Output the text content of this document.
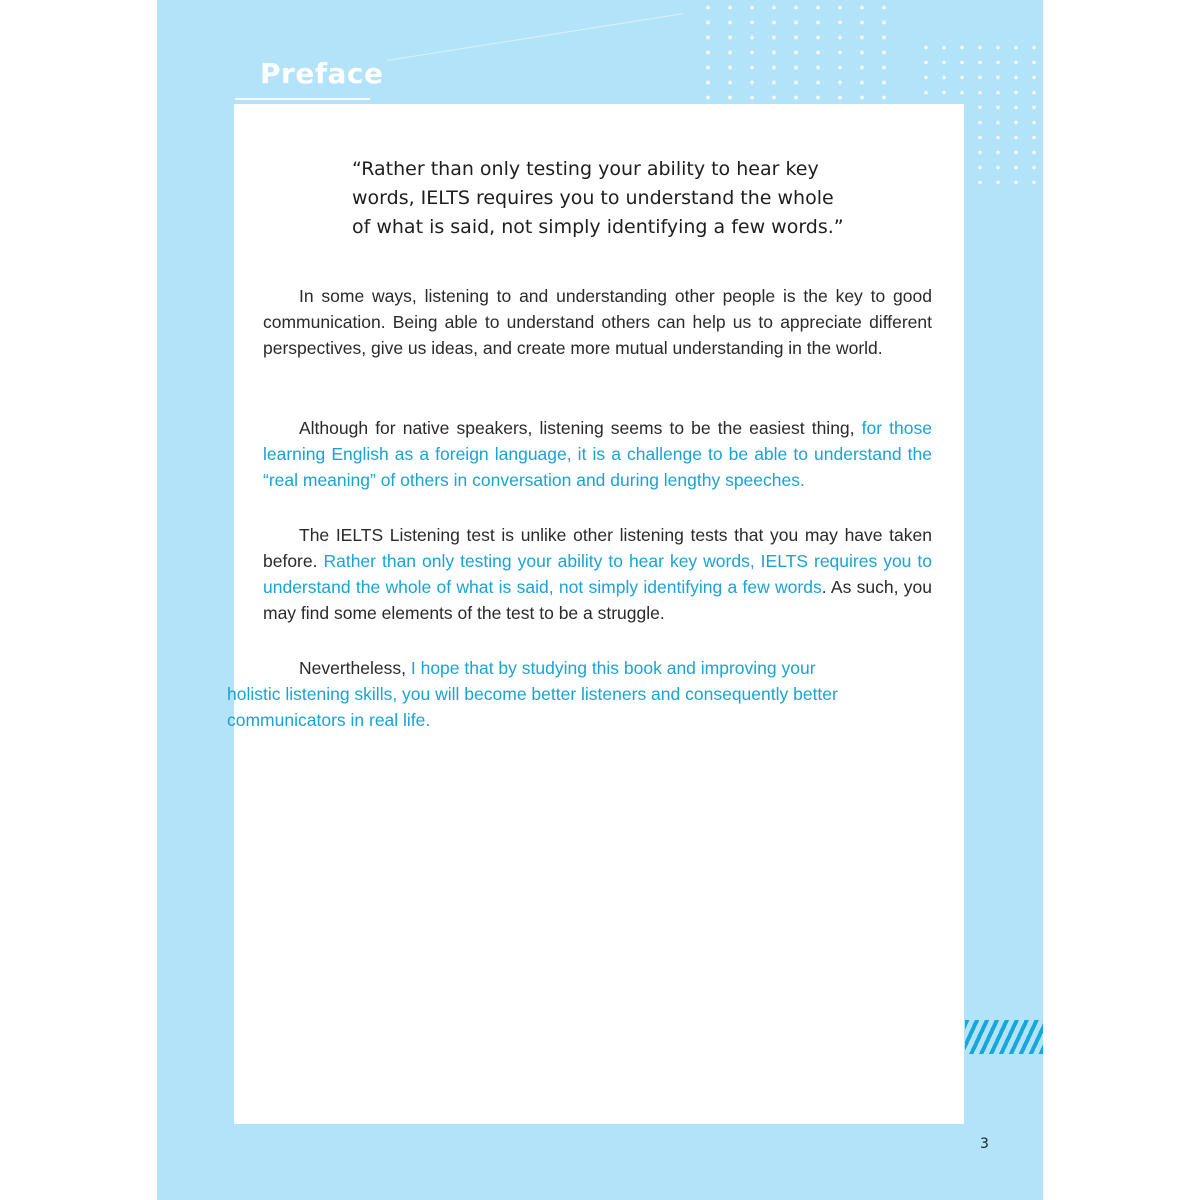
Preface

“Rather than only testing your ability to hear key
words, IELTS requires you to understand the whole
of what is said, not simply identifying a few words.”

In some ways, listening to and understanding other people is the key to good communication. Being able to understand others can help us to appreciate different perspectives, give us ideas, and create more mutual understanding in the world.

Although for native speakers, listening seems to be the easiest thing, for those learning English as a foreign language, it is a challenge to be able to understand the “real meaning” of others in conversation and during lengthy speeches.

The IELTS Listening test is unlike other listening tests that you may have taken before. Rather than only testing your ability to hear key words, IELTS requires you to understand the whole of what is said, not simply identifying a few words. As such, you may find some elements of the test to be a struggle.

Nevertheless, I hope that by studying this book and improving your
holistic listening skills, you will become better listeners and consequently better
communicators in real life.

3
